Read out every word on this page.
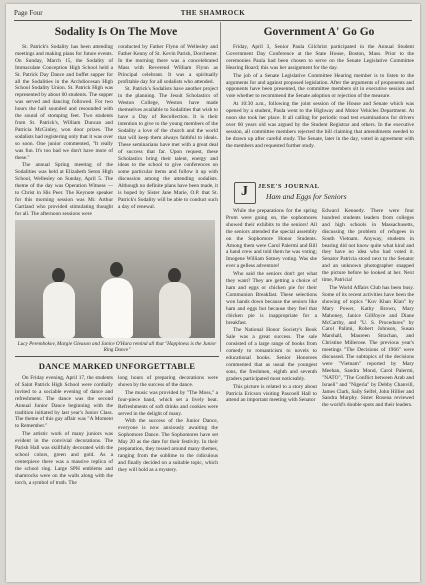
Page Four	THE SHAMROCK
Sodality Is On The Move

St. Patrick's Sodality has been attending meetings and making plans for future events. On Sunday, March 15, the Sodality of Immaculate Conception High School held a St. Patrick Day Dance and buffet supper for all the Sodalities in the Archdiocesan High School Sodality Union. St. Patrick High was represented by about 60 students. The supper was served and dancing followed. For two hours the hall sounded and resounded with the sound of stomping feet. Two students from St. Patrick's, William Duncan and Patricia McGinley, won door prizes. The sodalists had registering only that it was over so soon. One junior commented, "It really was fun. It's too bad we don't have more of these."

The annual Spring meeting of the Sodalities was held at Elizabeth Seton High School, Wellesley on Sunday, April 5. The theme of the day was Operation Witness — to Christ in His Peer. The Keynote speaker for this morning session was Mr. Arthur Gartland who provided stimulating thought for all. The afternoon sessions were

conducted by Father Flynn of Wellesley and Father Kenny of St. Kevin Parish, Dorchester. In the morning there was a concelebrated Mass with Reverend William Flynn as Principal celebrant. It was a spiritually profitable day for all sodalists who attended.

St. Patrick's Sodalists have another project in the planning. The Jesuit Scholastics of Weston College, Weston have made themselves available to Sodalities that wish to have a Day of Recollection. It is their intention to give to the young members of the Sodality a love of the church and the world that will keep them always faithful to ideals. These seminarians have met with a great deal of success that far. Upon request, these Scholastics bring their talent, energy and ideas to the school to give conferences on some particular items and follow it up with discussion among the attending sodalists. Although no definite plans have been made, it is hoped by Sister Jane Marie, O.P. that St. Patrick's Sodality will be able to conduct such a day of renewal.

Lucy Perembokov, Margie Gleason and Janice O'Hara remind all that "Happiness is the Junior Ring Dance"
Government A' Go Go

Friday, April 3, Senior Paula Gilchrist participated in the Annual Student Government Day Conference at the State House, Boston, Mass. Prior to the ceremonies Paula had been chosen to serve on the Senate Legislative Committee Hearing Board; this was her assignment for the day.

The job of a Senate Legislative Committee Hearing member is to listen to the arguments for and against proposed legislation. After the arguments of proponents and opponents have been presented, the committee members sit in executive session and vote whether to recommend the Senate adoption or rejection of the measure.

At 10:30 a.m., following the joint session of the House and Senate which was opened by a student, Paula went to the Highway and Motor Vehicles Department. At noon she took her place. It all calling for periodic road test examinations for drivers over 60 years old was argued by the Student Registrar and others. In the executive session, all committee members rejected the bill claiming that amendments needed to be drawn up after careful study. The Senate, later in the day, voted in agreement with the members and requested further study.

J JESE'S JOURNAL
Ham and Eggs for Seniors

While the preparations for the spring Prom were going on, the sophomores showed their exhibits to the seniors! All the seniors attended the special assembly on the Sophomore Honor Students. Among them were Carol Palermi and Bill a hand crew and told them he was voting; Imogene William Sotney voting. Was she ever a gelless adventure!

Who said the seniors don't get what they want? They are getting a choice of ham and eggs or chicken pie for their Communion Breakfast. These selections won hands down because the seniors like ham and eggs but because they feel that chicken pie is inappropriate for a breakfast.

The National Honor Society's Book Sale was a great success. The sale consisted of a large range of books from comedy to romanticism to novels to educational books. Senior Honorees commented that as usual the youngest sons, the freshmen, eighth and seventh graders participated most noticeably.

This picture is related to a story about Patricia Ericson visiting Pascoell Hall to attend an important meeting with Senator

Edward Kennedy. There were four hundred students leaders from colleges and high schools in Massachusetts, discussing the problem of refugees in South Vietnam. Anyway, students in bearing did not know quite what kind and they have no idea who had voted it. Senator Patricia stood next to the Senator and an unknown photographer snapped the picture before he looked at her. Next time, Patricia!

The World Affairs Club has been busy. Some of its recent activities have been the showing of topics "Kuv Khan Klan" by Mary Power, Kathy Brown, Mary Mahoney, Janice Gillfoyce and Diane McCarthy, and "U. S. Procedures" by Carol Palimi, Robert Johnson, Susan Marshall, Maureen Strachan, and Christine Millerose. The previous year's meetings "The Decisions of 1966" were discussed. The subtopics of the decisions were "Vietnam" reported by Mary Meehan, Sandra Mond, Carol Palermi, "NATO", "The Conflict between Arab and Israeli" and "Nigeria" by Debby Chanvill, James Clark, Sally Selfel, John Hillier and Sandra Murphy. Sister Rosena reviewed the world's double spots and their leaders.

DANCE MARKED UNFORGETTABLE

On Friday evening, April 17, the students of Saint Patrick High School were cordially invited to a sociable evening of dance and refreshment. The dance was the second Annual Junior Dance beginning with the tradition initiated by last year's Junior Class. The theme of this gay affair was "A Moment to Remember."

The artistic work of many juniors was evident in the convivial decorations. The Parish Hall was skillfully decorated with the school colors, green and gold. As a centerpiece there was a massive replica of the school ring. Large SPH emblems and shamrocks were on the walls along with the torch, a symbol of truth. The

long hours of preparing decorations were shown by the success of the dance.

The music was provided by "The Moss," a four-piece band, which set a lively beat. Refreshments of soft drinks and cookies were served in the delight of many.

With the success of the Junior Dance, everyone is now anxiously awaiting the Sophomore Dance. The Sophomores have set May 20 as the date for their festivity. In their preparation, they tossed around many themes, ranging from the sublime to the ridiculous and finally decided on a suitable topic, which they will hold as a mystery.
